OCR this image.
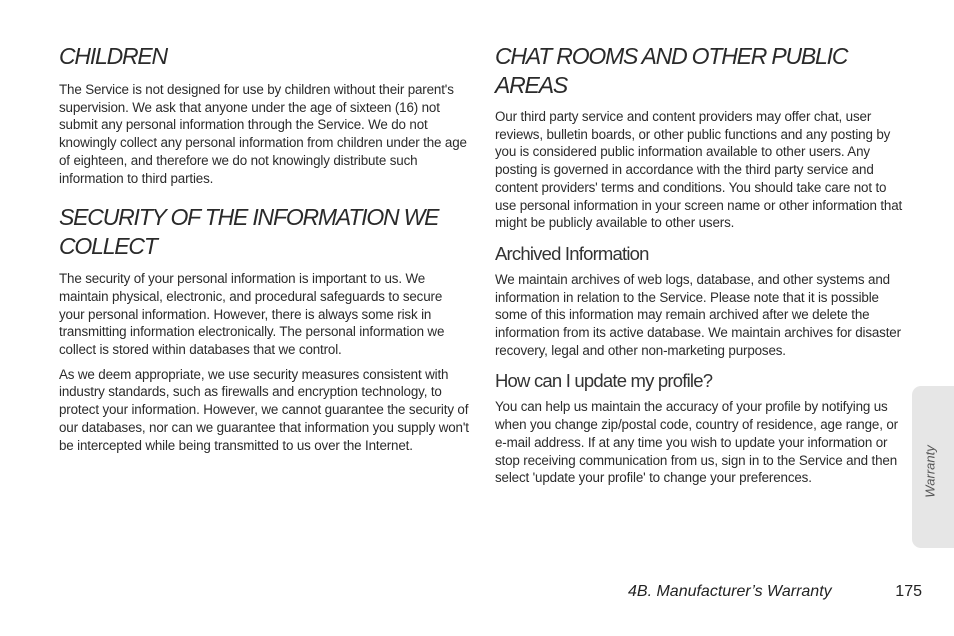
CHILDREN

The Service is not designed for use by children without their parent's supervision. We ask that anyone under the age of sixteen (16) not submit any personal information through the Service. We do not knowingly collect any personal information from children under the age of eighteen, and therefore we do not knowingly distribute such information to third parties.

SECURITY OF THE INFORMATION WE COLLECT

The security of your personal information is important to us. We maintain physical, electronic, and procedural safeguards to secure your personal information. However, there is always some risk in transmitting information electronically. The personal information we collect is stored within databases that we control.

As we deem appropriate, we use security measures consistent with industry standards, such as firewalls and encryption technology, to protect your information. However, we cannot guarantee the security of our databases, nor can we guarantee that information you supply won't be intercepted while being transmitted to us over the Internet.

CHAT ROOMS AND OTHER PUBLIC AREAS

Our third party service and content providers may offer chat, user reviews, bulletin boards, or other public functions and any posting by you is considered public information available to other users. Any posting is governed in accordance with the third party service and content providers' terms and conditions. You should take care not to use personal information in your screen name or other information that might be publicly available to other users.

Archived Information

We maintain archives of web logs, database, and other systems and information in relation to the Service. Please note that it is possible some of this information may remain archived after we delete the information from its active database. We maintain archives for disaster recovery, legal and other non-marketing purposes.

How can I update my profile?

You can help us maintain the accuracy of your profile by notifying us when you change zip/postal code, country of residence, age range, or e-mail address. If at any time you wish to update your information or stop receiving communication from us, sign in to the Service and then select 'update your profile' to change your preferences.	Warranty
4B. Manufacturer’s Warranty	175
